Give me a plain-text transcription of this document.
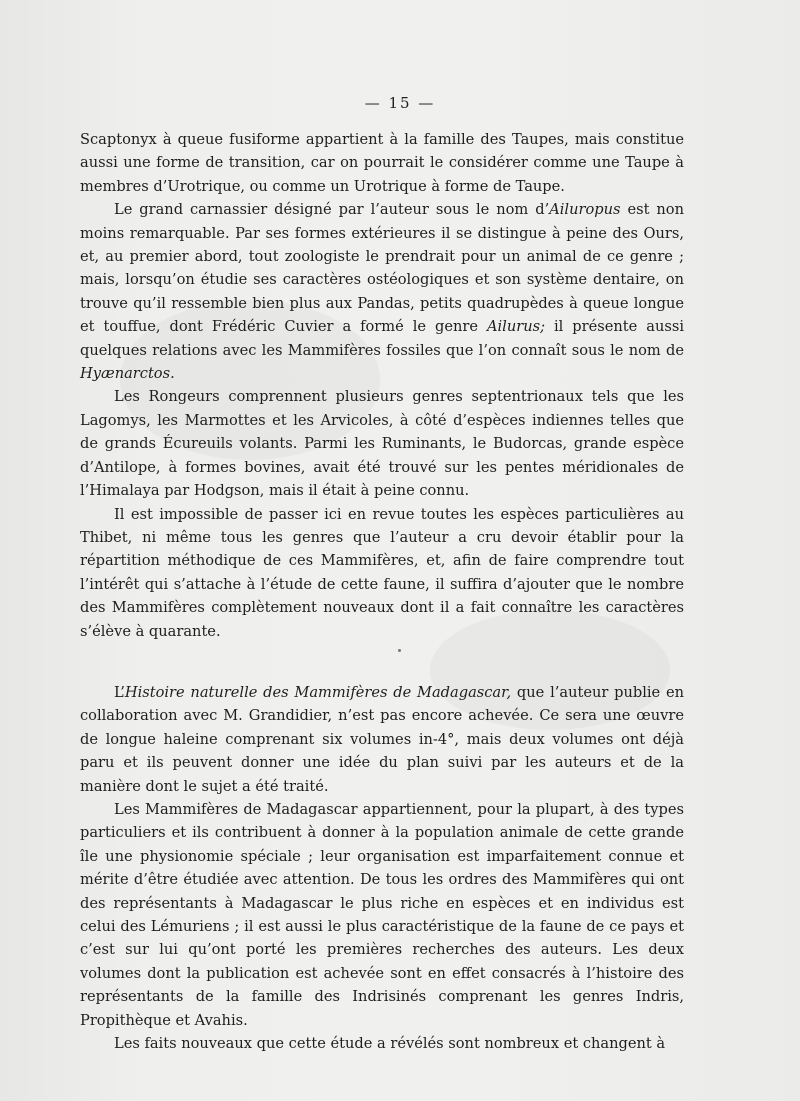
— 15 —

Scaptonyx à queue fusiforme appartient à la famille des Taupes, mais constitue aussi une forme de transition, car on pourrait le considérer comme une Taupe à membres d’Urotrique, ou comme un Urotrique à forme de Taupe.

Le grand carnassier désigné par l’auteur sous le nom d’Ailuropus est non moins remarquable. Par ses formes extérieures il se distingue à peine des Ours, et, au premier abord, tout zoologiste le prendrait pour un animal de ce genre ; mais, lorsqu’on étudie ses caractères ostéologiques et son système dentaire, on trouve qu’il ressemble bien plus aux Pandas, petits quadrupèdes à queue longue et touffue, dont Frédéric Cuvier a formé le genre Ailurus; il présente aussi quelques relations avec les Mammifères fossiles que l’on connaît sous le nom de Hyænarctos.

Les Rongeurs comprennent plusieurs genres septentrionaux tels que les Lagomys, les Marmottes et les Arvicoles, à côté d’espèces indiennes telles que de grands Écureuils volants. Parmi les Ruminants, le Budorcas, grande espèce d’Antilope, à formes bovines, avait été trouvé sur les pentes méridionales de l’Himalaya par Hodgson, mais il était à peine connu.

Il est impossible de passer ici en revue toutes les espèces particulières au Thibet, ni même tous les genres que l’auteur a cru devoir établir pour la répartition méthodique de ces Mammifères, et, afin de faire comprendre tout l’intérêt qui s’attache à l’étude de cette faune, il suffira d’ajouter que le nombre des Mammifères complètement nouveaux dont il a fait connaître les caractères s’élève à quarante.

L’Histoire naturelle des Mammifères de Madagascar, que l’auteur publie en collaboration avec M. Grandidier, n’est pas encore achevée. Ce sera une œuvre de longue haleine comprenant six volumes in-4°, mais deux volumes ont déjà paru et ils peuvent donner une idée du plan suivi par les auteurs et de la manière dont le sujet a été traité.

Les Mammifères de Madagascar appartiennent, pour la plupart, à des types particuliers et ils contribuent à donner à la population animale de cette grande île une physionomie spéciale ; leur organisation est imparfaitement connue et mérite d’être étudiée avec attention. De tous les ordres des Mammifères qui ont des représentants à Madagascar le plus riche en espèces et en individus est celui des Lémuriens ; il est aussi le plus caractéristique de la faune de ce pays et c’est sur lui qu’ont porté les premières recherches des auteurs. Les deux volumes dont la publication est achevée sont en effet consacrés à l’histoire des représentants de la famille des Indrisinés comprenant les genres Indris, Propithèque et Avahis.

Les faits nouveaux que cette étude a révélés sont nombreux et changent à
